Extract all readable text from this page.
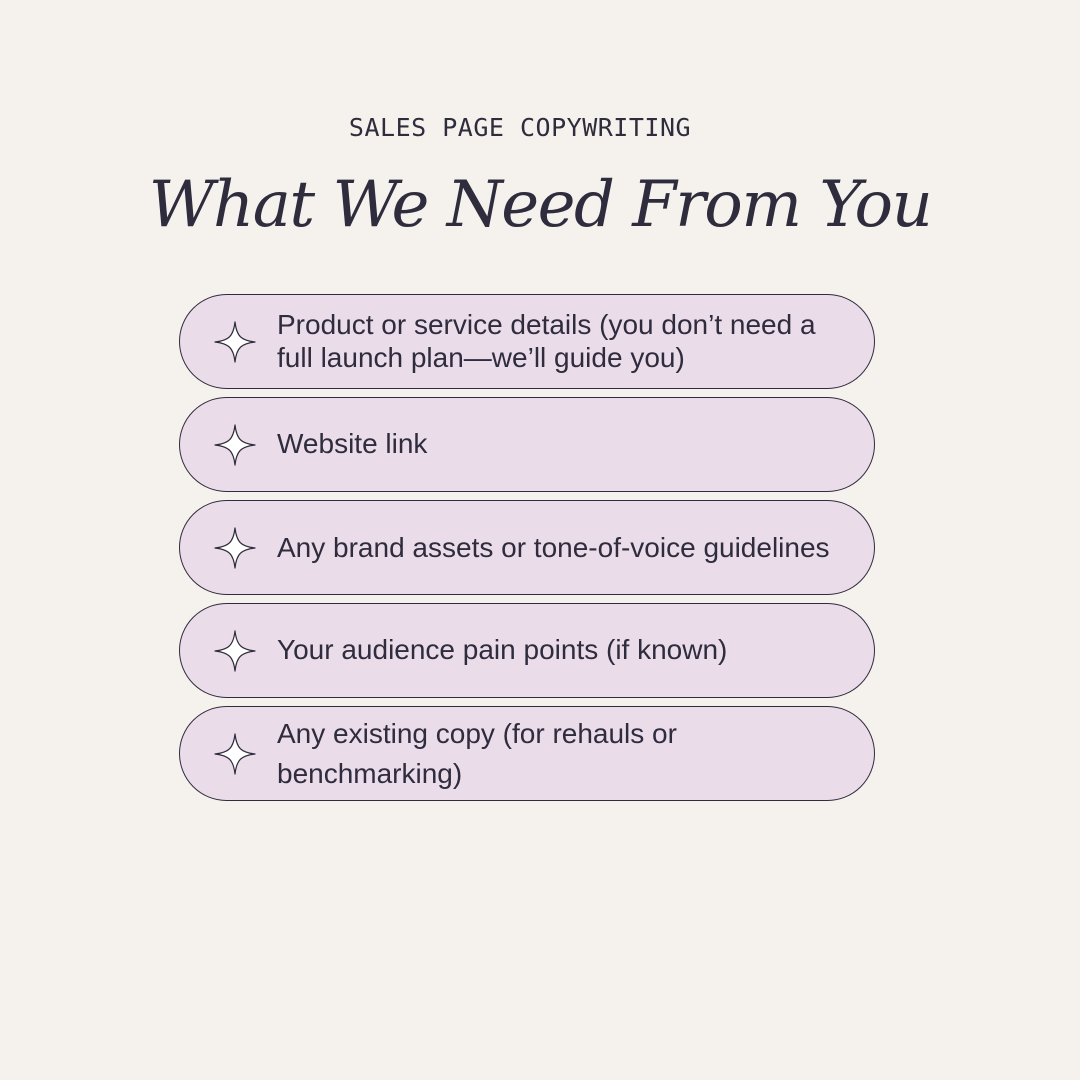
SALES PAGE COPYWRITING
What We Need From You
Product or service details (you don’t need a full launch plan—we’ll guide you)
Website link
Any brand assets or tone-of-voice guidelines
Your audience pain points (if known)
Any existing copy (for rehauls or benchmarking)
